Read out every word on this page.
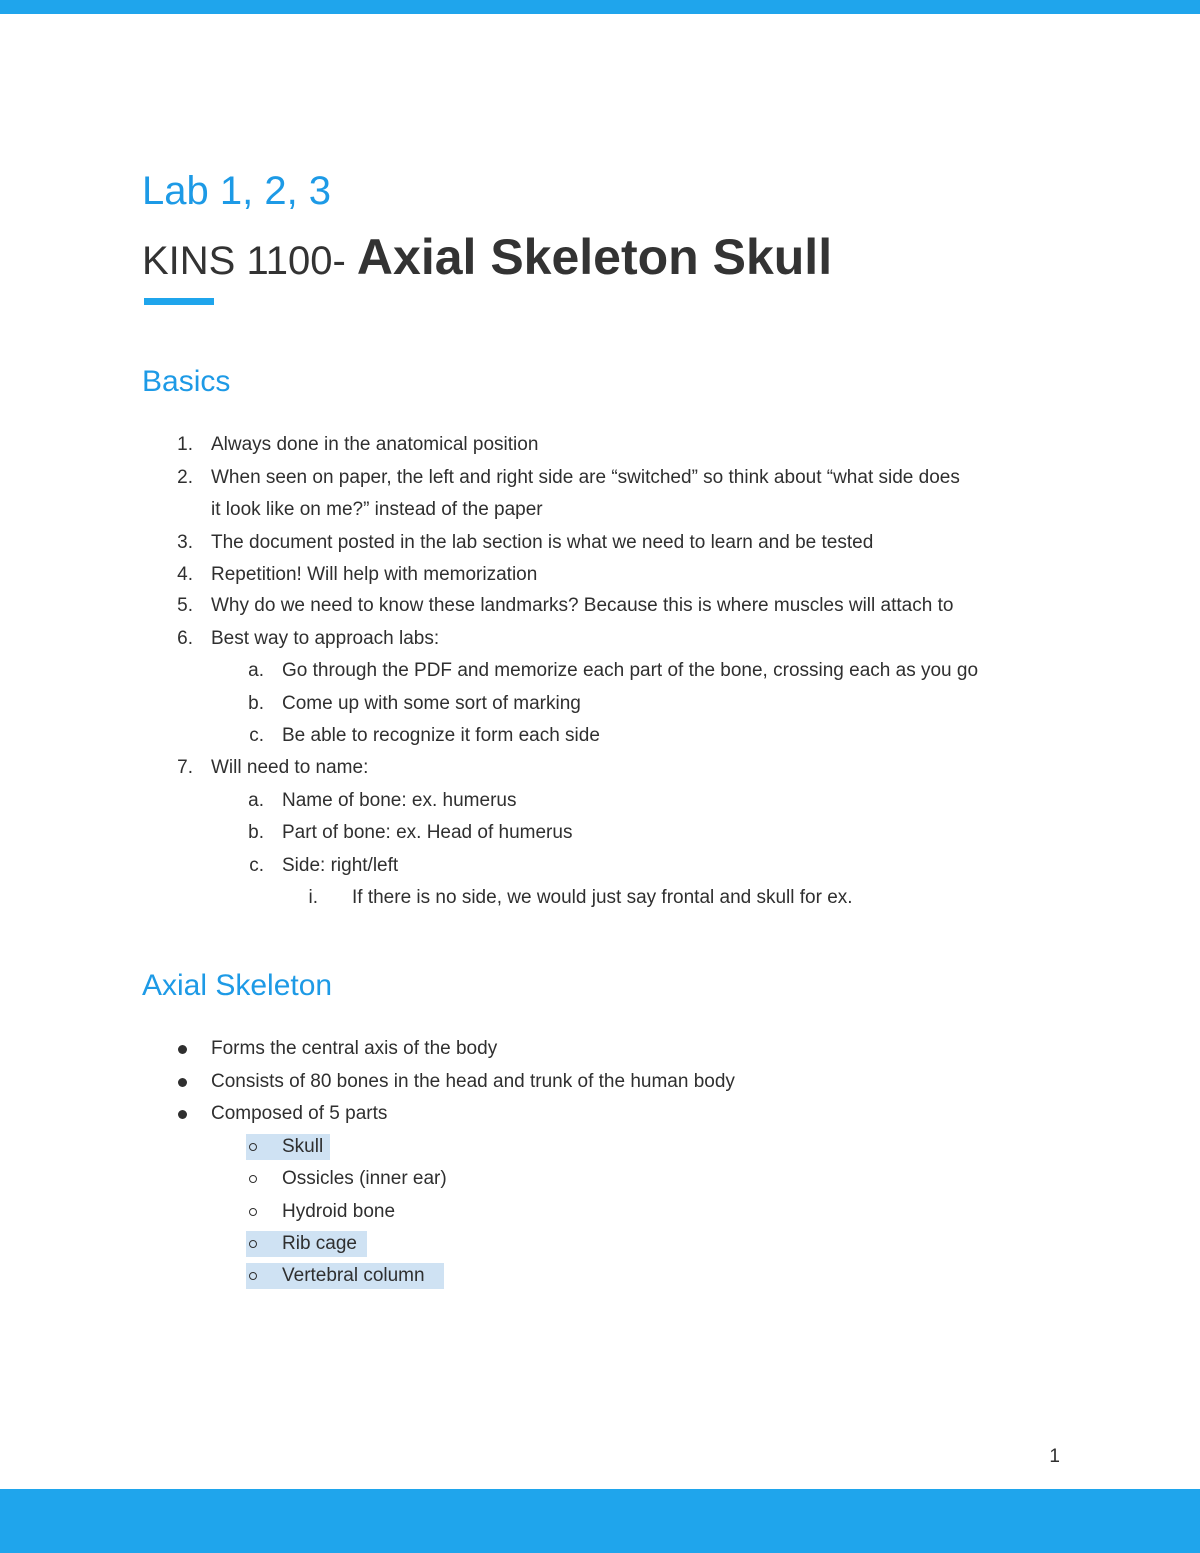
Lab 1, 2, 3
KINS 1100- Axial Skeleton Skull
Basics
1. Always done in the anatomical position
2. When seen on paper, the left and right side are “switched” so think about “what side does
it look like on me?” instead of the paper
3. The document posted in the lab section is what we need to learn and be tested
4. Repetition! Will help with memorization
5. Why do we need to know these landmarks? Because this is where muscles will attach to
6. Best way to approach labs:
a. Go through the PDF and memorize each part of the bone, crossing each as you go
b. Come up with some sort of marking
c. Be able to recognize it form each side
7. Will need to name:
a. Name of bone: ex. humerus
b. Part of bone: ex. Head of humerus
c. Side: right/left
i. If there is no side, we would just say frontal and skull for ex.
Axial Skeleton
Forms the central axis of the body
Consists of 80 bones in the head and trunk of the human body
Composed of 5 parts
Skull
Ossicles (inner ear)
Hydroid bone
Rib cage
Vertebral column
1
